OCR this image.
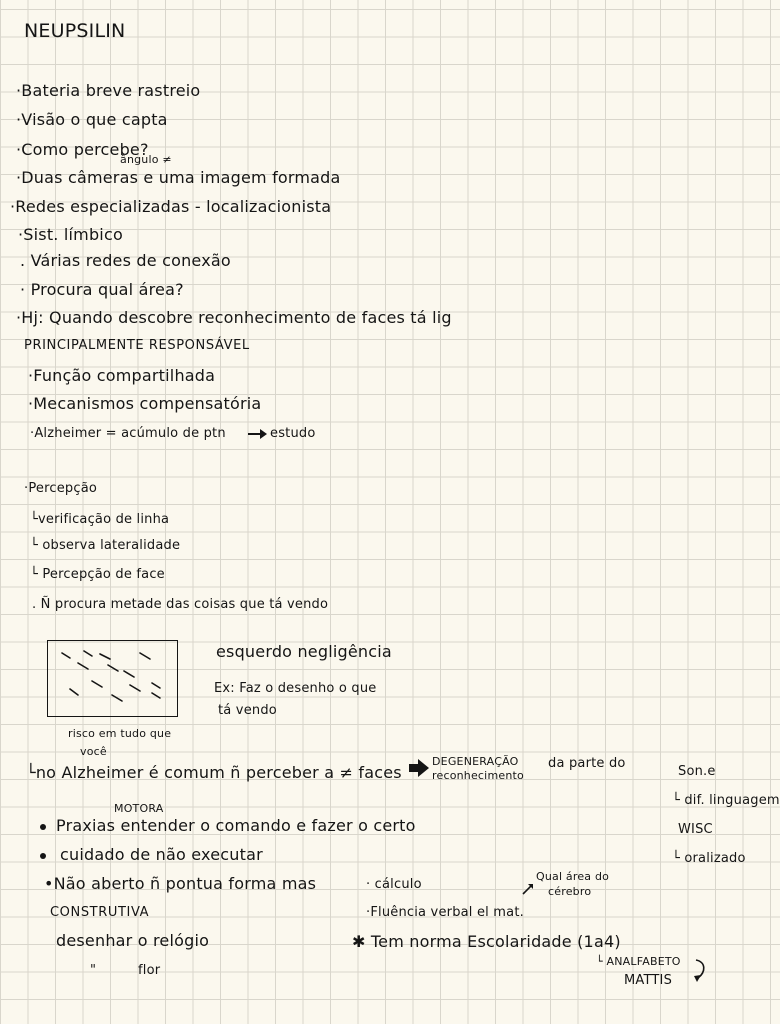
NEUPSILIN
·Bateria breve rastreio
·Visão o que capta
·Como percebe?
ângulo ≠
·Duas câmeras e uma imagem formada
·Redes especializadas - localizacionista
·Sist. límbico
. Várias redes de conexão
· Procura qual área?
·Hj: Quando descobre reconhecimento de faces tá lig
PRINCIPALMENTE RESPONSÁVEL
·Função compartilhada
·Mecanismos compensatória
·Alzheimer = acúmulo de ptn	estudo
·Percepção
└verificação de linha
└ observa lateralidade
└ Percepção de face
. Ñ procura metade das coisas que tá vendo
esquerdo negligência
Ex: Faz o desenho o que
tá vendo
risco em tudo que
você
└no Alzheimer é comum ñ perceber a ≠ faces
DEGENERAÇÃO
reconhecimento
da parte do
Son.e
└ dif. linguagem
WISC
└ oralizado
MOTORA
Praxias entender o comando e fazer o certo
cuidado de não executar
•Não aberto ñ pontua forma mas
CONSTRUTIVA
desenhar o relógio
"	flor
Qual área do
cérebro
· cálculo
·Fluência verbal el mat.
✱ Tem norma Escolaridade (1a4)
└ ANALFABETO
MATTIS
